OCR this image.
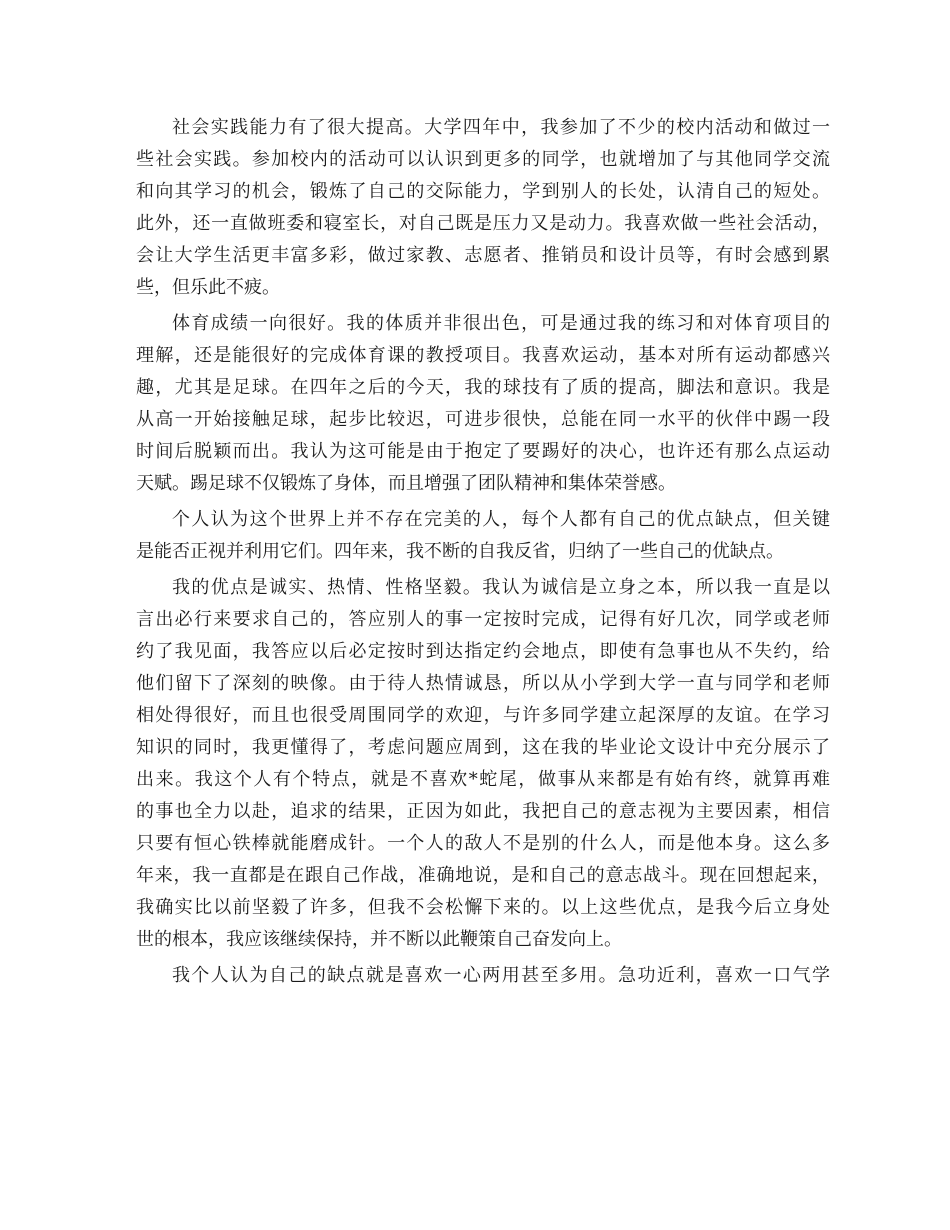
社会实践能力有了很大提高。大学四年中，我参加了不少的校内活动和做过一
些社会实践。参加校内的活动可以认识到更多的同学，也就增加了与其他同学交流
和向其学习的机会，锻炼了自己的交际能力，学到别人的长处，认清自己的短处。
此外，还一直做班委和寝室长，对自己既是压力又是动力。我喜欢做一些社会活动，
会让大学生活更丰富多彩，做过家教、志愿者、推销员和设计员等，有时会感到累
些，但乐此不疲。
体育成绩一向很好。我的体质并非很出色，可是通过我的练习和对体育项目的
理解，还是能很好的完成体育课的教授项目。我喜欢运动，基本对所有运动都感兴
趣，尤其是足球。在四年之后的今天，我的球技有了质的提高，脚法和意识。我是
从高一开始接触足球，起步比较迟，可进步很快，总能在同一水平的伙伴中踢一段
时间后脱颖而出。我认为这可能是由于抱定了要踢好的决心，也许还有那么点运动
天赋。踢足球不仅锻炼了身体，而且增强了团队精神和集体荣誉感。
个人认为这个世界上并不存在完美的人，每个人都有自己的优点缺点，但关键
是能否正视并利用它们。四年来，我不断的自我反省，归纳了一些自己的优缺点。
我的优点是诚实、热情、性格坚毅。我认为诚信是立身之本，所以我一直是以
言出必行来要求自己的，答应别人的事一定按时完成，记得有好几次，同学或老师
约了我见面，我答应以后必定按时到达指定约会地点，即使有急事也从不失约，给
他们留下了深刻的映像。由于待人热情诚恳，所以从小学到大学一直与同学和老师
相处得很好，而且也很受周围同学的欢迎，与许多同学建立起深厚的友谊。在学习
知识的同时，我更懂得了，考虑问题应周到，这在我的毕业论文设计中充分展示了
出来。我这个人有个特点，就是不喜欢*蛇尾，做事从来都是有始有终，就算再难
的事也全力以赴，追求的结果，正因为如此，我把自己的意志视为主要因素，相信
只要有恒心铁棒就能磨成针。一个人的敌人不是别的什么人，而是他本身。这么多
年来，我一直都是在跟自己作战，准确地说，是和自己的意志战斗。现在回想起来，
我确实比以前坚毅了许多，但我不会松懈下来的。以上这些优点，是我今后立身处
世的根本，我应该继续保持，并不断以此鞭策自己奋发向上。
我个人认为自己的缺点就是喜欢一心两用甚至多用。急功近利，喜欢一口气学
